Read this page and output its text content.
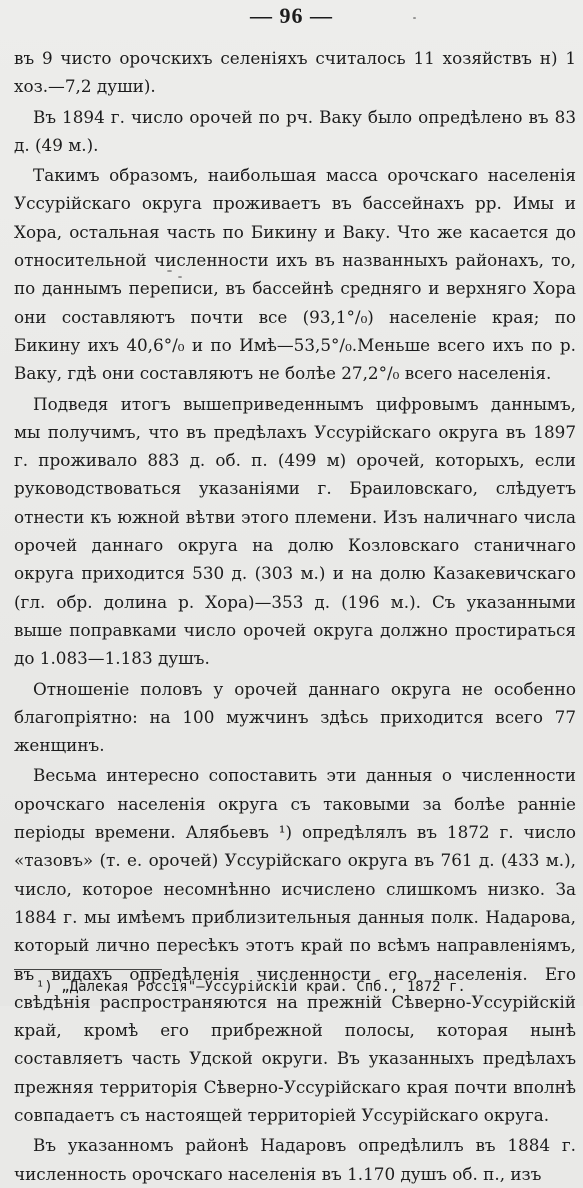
— 96 —

въ 9 чисто орочскихъ селеніяхъ считалось 11 хозяйствъ н) 1 хоз.—7,2 души).

Въ 1894 г. число орочей по рч. Ваку было опредѣлено въ 83 д. (49 м.).

Такимъ образомъ, наибольшая масса орочскаго населенія Уссурійскаго округа проживаетъ въ бассейнахъ рр. Имы и Хора, остальная часть по Бикину и Ваку. Что же касается до относительной численности ихъ въ названныхъ районахъ, то, по даннымъ переписи, въ бассейнѣ средняго и верхняго Хора они составляютъ почти все (93,1°/₀) населеніе края; по Бикину ихъ 40,6°/₀ и по Имѣ—53,5°/₀.Меньше всего ихъ по р. Ваку, гдѣ они составляютъ не болѣе 27,2°/₀ всего населенія.

Подведя итогъ вышеприведеннымъ цифровымъ даннымъ, мы получимъ, что въ предѣлахъ Уссурійскаго округа въ 1897 г. проживало 883 д. об. п. (499 м) орочей, которыхъ, если руководствоваться указаніями г. Браиловскаго, слѣдуетъ отнести къ южной вѣтви этого племени. Изъ наличнаго числа орочей даннаго округа на долю Козловскаго станичнаго округа приходится 530 д. (303 м.) и на долю Казакевичскаго (гл. обр. долина р. Хора)—353 д. (196 м.). Съ указанными выше поправками число орочей округа должно простираться до 1.083—1.183 душъ.

Отношеніе половъ у орочей даннаго округа не особенно благопріятно: на 100 мужчинъ здѣсь приходится всего 77 женщинъ.

Весьма интересно сопоставить эти данныя о численности орочскаго населенія округа съ таковыми за болѣе ранніе періоды времени. Алябьевъ ¹) опредѣлялъ въ 1872 г. число «тазовъ» (т. е. орочей) Уссурійскаго округа въ 761 д. (433 м.), число, которое несомнѣнно исчислено слишкомъ низко. За 1884 г. мы имѣемъ приблизительныя данныя полк. Надарова, который лично пересѣкъ этотъ край по всѣмъ направленіямъ, въ видахъ опредѣленія численности его населенія. Его свѣдѣнія распространяются на прежній Сѣверно-Уссурійскій край, кромѣ его прибрежной полосы, которая нынѣ составляетъ часть Удской округи. Въ указанныхъ предѣлахъ прежняя территорія Сѣверно-Уссурійскаго края почти вполнѣ совпадаетъ съ настоящей территоріей Уссурійскаго округа.

Въ указанномъ районѣ Надаровъ опредѣлилъ въ 1884 г. численность орочскаго населенія въ 1.170 душъ об. п., изъ

¹) „Далекая Россія"—Уссурійскій край. Спб., 1872 г.
